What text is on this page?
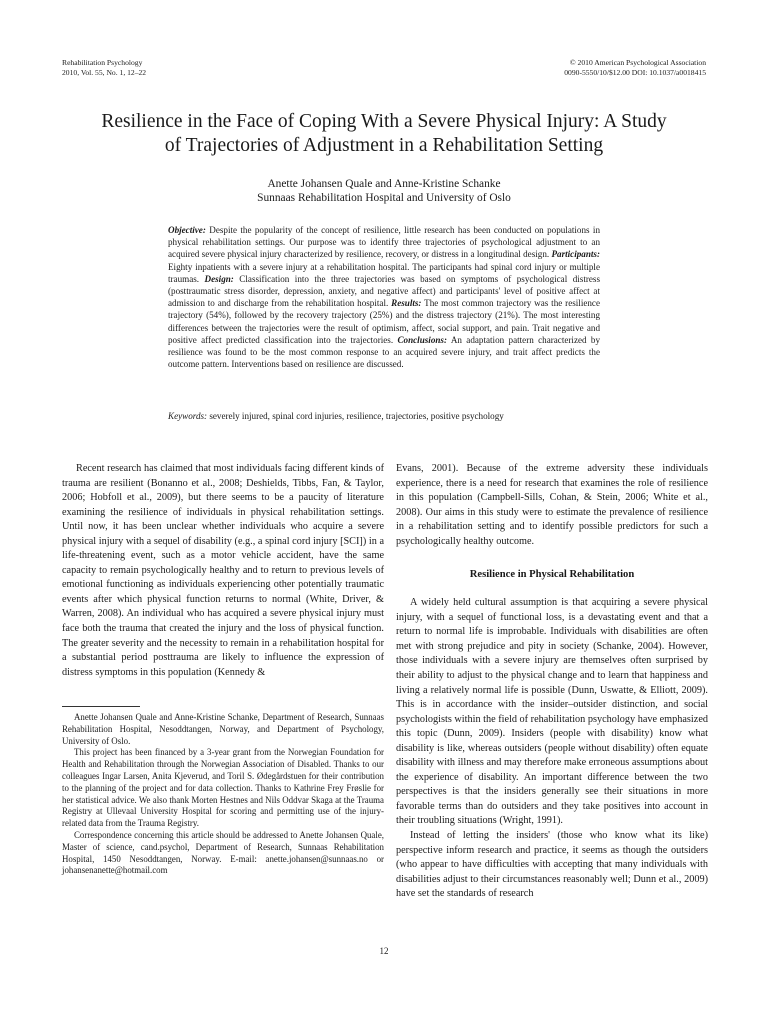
Rehabilitation Psychology
2010, Vol. 55, No. 1, 12–22
© 2010 American Psychological Association
0090-5550/10/$12.00 DOI: 10.1037/a0018415
Resilience in the Face of Coping With a Severe Physical Injury: A Study
of Trajectories of Adjustment in a Rehabilitation Setting
Anette Johansen Quale and Anne-Kristine Schanke
Sunnaas Rehabilitation Hospital and University of Oslo
Objective: Despite the popularity of the concept of resilience, little research has been conducted on populations in physical rehabilitation settings. Our purpose was to identify three trajectories of psychological adjustment to an acquired severe physical injury characterized by resilience, recovery, or distress in a longitudinal design. Participants: Eighty inpatients with a severe injury at a rehabilitation hospital. The participants had spinal cord injury or multiple traumas. Design: Classification into the three trajectories was based on symptoms of psychological distress (posttraumatic stress disorder, depression, anxiety, and negative affect) and participants' level of positive affect at admission to and discharge from the rehabilitation hospital. Results: The most common trajectory was the resilience trajectory (54%), followed by the recovery trajectory (25%) and the distress trajectory (21%). The most interesting differences between the trajectories were the result of optimism, affect, social support, and pain. Trait negative and positive affect predicted classification into the trajectories. Conclusions: An adaptation pattern characterized by resilience was found to be the most common response to an acquired severe injury, and trait affect predicts the outcome pattern. Interventions based on resilience are discussed.
Keywords: severely injured, spinal cord injuries, resilience, trajectories, positive psychology

Recent research has claimed that most individuals facing different kinds of trauma are resilient (Bonanno et al., 2008; Deshields, Tibbs, Fan, & Taylor, 2006; Hobfoll et al., 2009), but there seems to be a paucity of literature examining the resilience of individuals in physical rehabilitation settings. Until now, it has been unclear whether individuals who acquire a severe physical injury with a sequel of disability (e.g., a spinal cord injury [SCI]) in a life-threatening event, such as a motor vehicle accident, have the same capacity to remain psychologically healthy and to return to previous levels of emotional functioning as individuals experiencing other potentially traumatic events after which physical function returns to normal (White, Driver, & Warren, 2008). An individual who has acquired a severe physical injury must face both the trauma that created the injury and the loss of physical function. The greater severity and the necessity to remain in a rehabilitation hospital for a substantial period posttrauma are likely to influence the expression of distress symptoms in this population (Kennedy &

Evans, 2001). Because of the extreme adversity these individuals experience, there is a need for research that examines the role of resilience in this population (Campbell-Sills, Cohan, & Stein, 2006; White et al., 2008). Our aims in this study were to estimate the prevalence of resilience in a rehabilitation setting and to identify possible predictors for such a psychologically healthy outcome.

Resilience in Physical Rehabilitation

A widely held cultural assumption is that acquiring a severe physical injury, with a sequel of functional loss, is a devastating event and that a return to normal life is improbable. Individuals with disabilities are often met with strong prejudice and pity in society (Schanke, 2004). However, those individuals with a severe injury are themselves often surprised by their ability to adjust to the physical change and to learn that happiness and living a relatively normal life is possible (Dunn, Uswatte, & Elliott, 2009). This is in accordance with the insider–outsider distinction, and social psychologists within the field of rehabilitation psychology have emphasized this topic (Dunn, 2009). Insiders (people with disability) know what disability is like, whereas outsiders (people without disability) often equate disability with illness and may therefore make erroneous assumptions about the experience of disability. An important difference between the two perspectives is that the insiders generally see their situations in more favorable terms than do outsiders and they take positives into account in their troubling situations (Wright, 1991).

Instead of letting the insiders' (those who know what its like) perspective inform research and practice, it seems as though the outsiders (who appear to have difficulties with accepting that many individuals with disabilities adjust to their circumstances reasonably well; Dunn et al., 2009) have set the standards of research

Anette Johansen Quale and Anne-Kristine Schanke, Department of Research, Sunnaas Rehabilitation Hospital, Nesoddtangen, Norway, and Department of Psychology, University of Oslo.

This project has been financed by a 3-year grant from the Norwegian Foundation for Health and Rehabilitation through the Norwegian Association of Disabled. Thanks to our colleagues Ingar Larsen, Anita Kjeverud, and Toril S. Ødegårdstuen for their contribution to the planning of the project and for data collection. Thanks to Kathrine Frey Frøslie for her statistical advice. We also thank Morten Hestnes and Nils Oddvar Skaga at the Trauma Registry at Ullevaal University Hospital for scoring and permitting use of the injury-related data from the Trauma Registry.

Correspondence concerning this article should be addressed to Anette Johansen Quale, Master of science, cand.psychol, Department of Research, Sunnaas Rehabilitation Hospital, 1450 Nesoddtangen, Norway. E-mail: anette.johansen@sunnaas.no or johansenanette@hotmail.com

12
